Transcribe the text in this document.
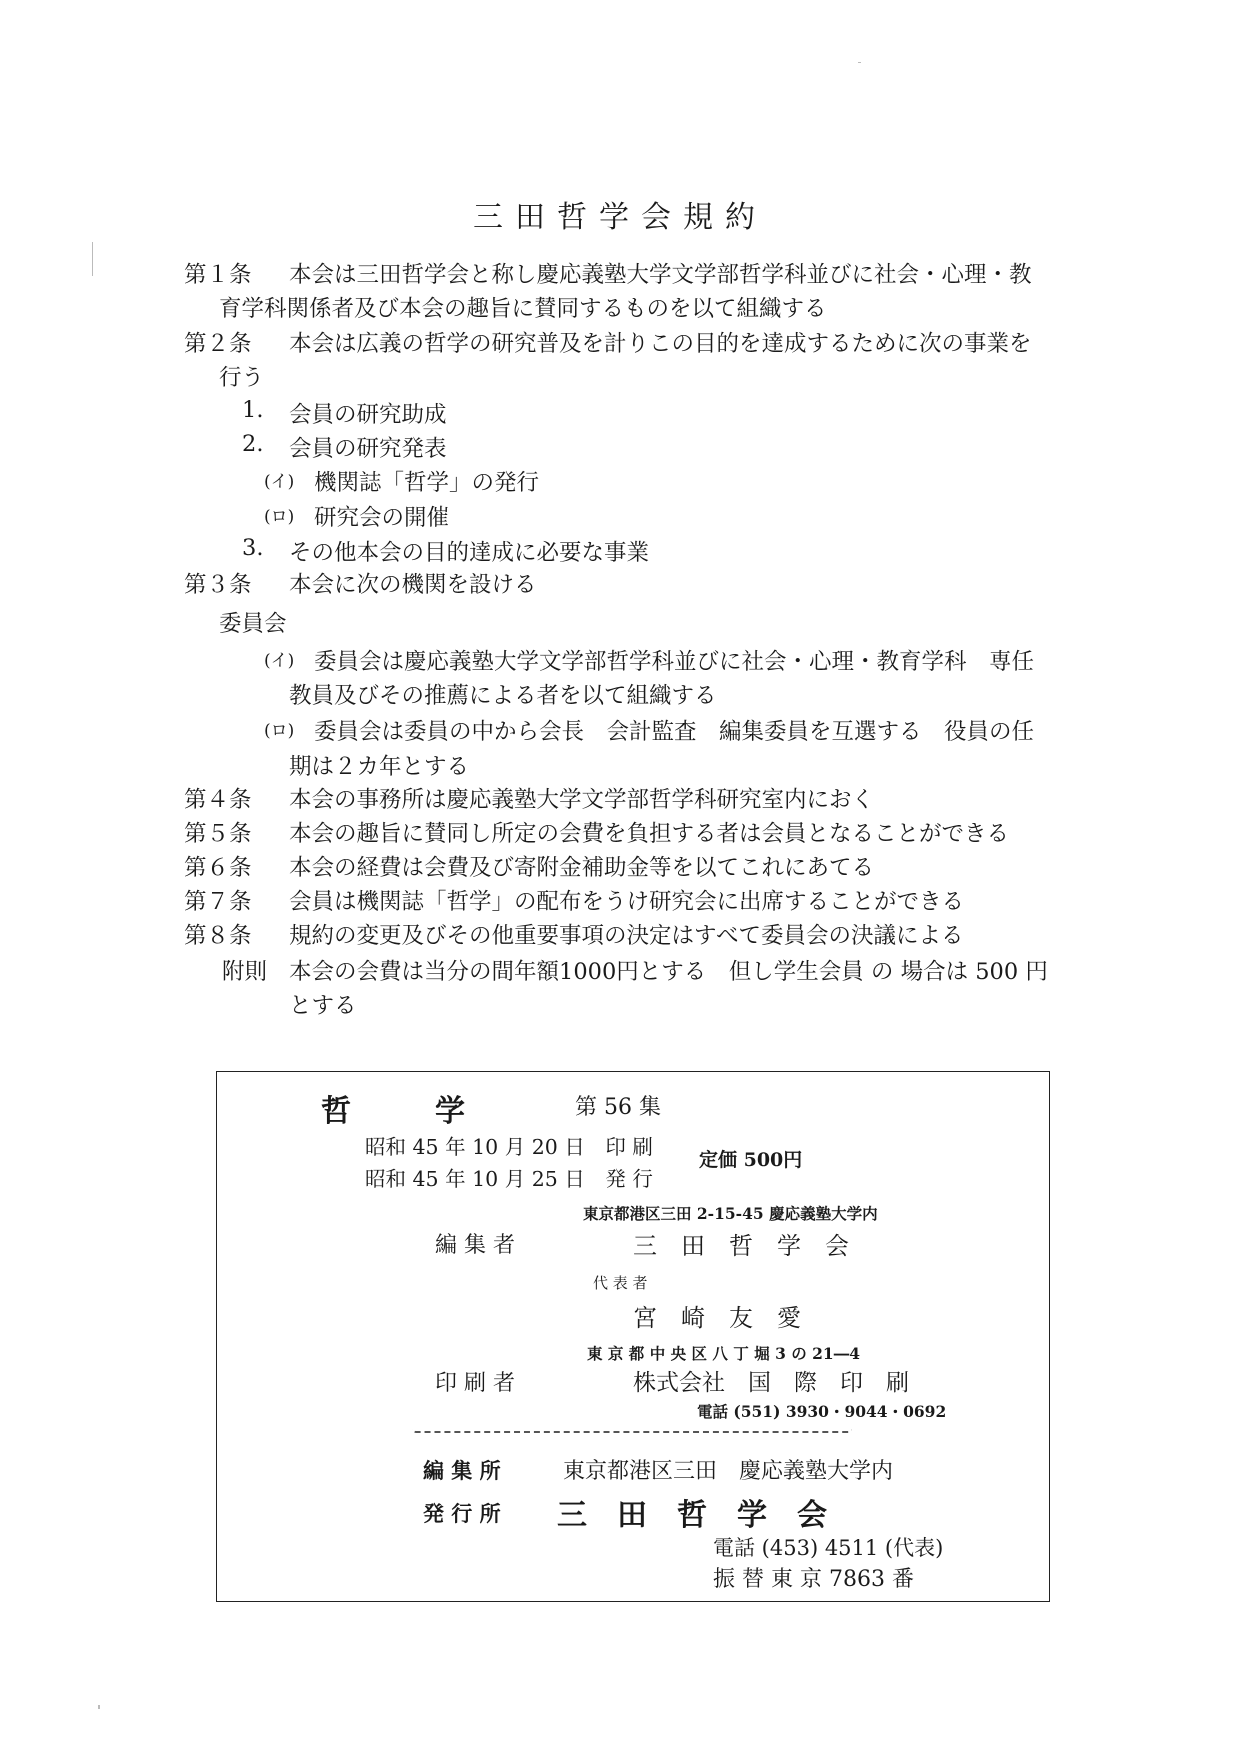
三田哲学会規約
第１条 本会は三田哲学会と称し慶応義塾大学文学部哲学科並びに社会・心理・教
育学科関係者及び本会の趣旨に賛同するものを以て組織する
第２条 本会は広義の哲学の研究普及を計りこの目的を達成するために次の事業を
行う
1. 会員の研究助成
2. 会員の研究発表
(イ) 機関誌「哲学」の発行
(ロ) 研究会の開催
3. その他本会の目的達成に必要な事業
第３条 本会に次の機関を設ける
委員会
(イ) 委員会は慶応義塾大学文学部哲学科並びに社会・心理・教育学科　専任
教員及びその推薦による者を以て組織する
(ロ) 委員会は委員の中から会長　会計監査　編集委員を互選する　役員の任
期は２カ年とする
第４条 本会の事務所は慶応義塾大学文学部哲学科研究室内におく
第５条 本会の趣旨に賛同し所定の会費を負担する者は会員となることができる
第６条 本会の経費は会費及び寄附金補助金等を以てこれにあてる
第７条 会員は機関誌「哲学」の配布をうけ研究会に出席することができる
第８条 規約の変更及びその他重要事項の決定はすべて委員会の決議による
附則 本会の会費は当分の間年額1000円とする　但し学生会員 の 場合は 500 円
とする
哲　　学	第 56 集
昭和 45 年 10 月 20 日　印 刷
昭和 45 年 10 月 25 日　発 行
定価 500円
東京都港区三田 2-15-45 慶応義塾大学内
編 集 者	三　田　哲　学　会
代 表 者
宮　崎　友　愛
東 京 都 中 央 区 八 丁 堀 3 の 21―4
印 刷 者	株式会社　国　際　印　刷
電話 (551) 3930・9044・0692
編 集 所	東京都港区三田　慶応義塾大学内
発 行 所 三　田　哲　学　会
電話 (453) 4511 (代表)
振 替 東 京 7863 番
